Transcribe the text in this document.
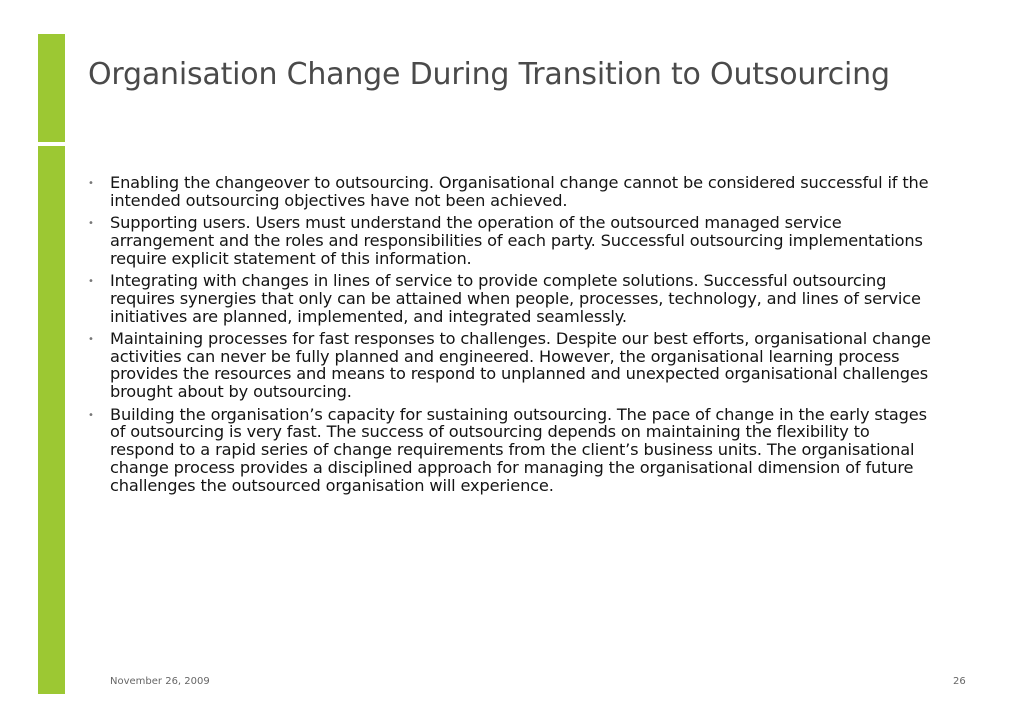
Organisation Change During Transition to Outsourcing
• Enabling the changeover to outsourcing. Organisational change cannot be considered successful if the intended outsourcing objectives have not been achieved.
• Supporting users. Users must understand the operation of the outsourced managed service arrangement and the roles and responsibilities of each party. Successful outsourcing implementations require explicit statement of this information.
• Integrating with changes in lines of service to provide complete solutions. Successful outsourcing requires synergies that only can be attained when people, processes, technology, and lines of service initiatives are planned, implemented, and integrated seamlessly.
• Maintaining processes for fast responses to challenges. Despite our best efforts, organisational change activities can never be fully planned and engineered. However, the organisational learning process provides the resources and means to respond to unplanned and unexpected organisational challenges brought about by outsourcing.
• Building the organisation’s capacity for sustaining outsourcing. The pace of change in the early stages of outsourcing is very fast. The success of outsourcing depends on maintaining the flexibility to respond to a rapid series of change requirements from the client’s business units. The organisational change process provides a disciplined approach for managing the organisational dimension of future challenges the outsourced organisation will experience.
November 26, 2009	26
